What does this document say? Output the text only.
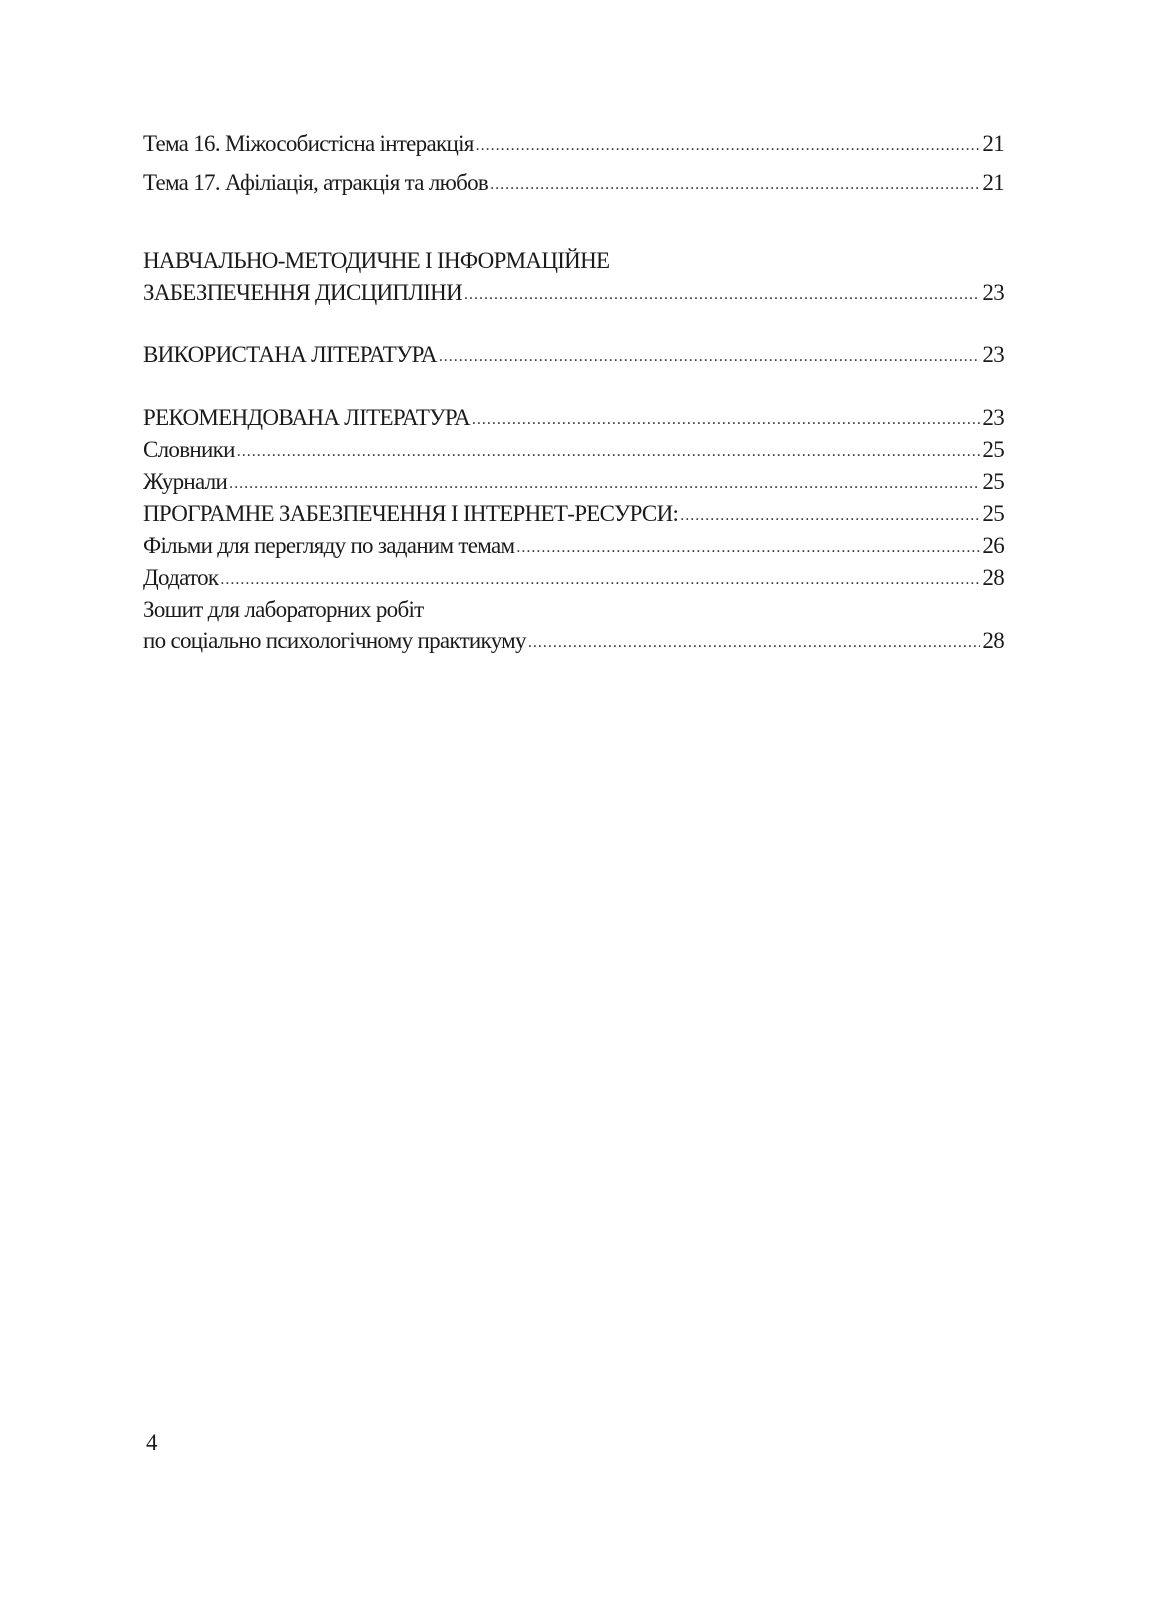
Тема 16. Міжособистісна інтеракція .....	21
Тема 17. Афіліація, атракція та любов .....	21
НАВЧАЛЬНО-МЕТОДИЧНЕ І ІНФОРМАЦІЙНЕ
ЗАБЕЗПЕЧЕННЯ ДИСЦИПЛІНИ .....	23
ВИКОРИСТАНА ЛІТЕРАТУРА .....	23
РЕКОМЕНДОВАНА ЛІТЕРАТУРА .....	23
Словники .....	25
Журнали .....	25
ПРОГРАМНЕ ЗАБЕЗПЕЧЕННЯ І ІНТЕРНЕТ-РЕСУРСИ: .....	25
Фільми для перегляду по заданим темам .....	26
Додаток .....	28
Зошит для лабораторних робіт
по соціально психологічному практикуму .....	28
4
